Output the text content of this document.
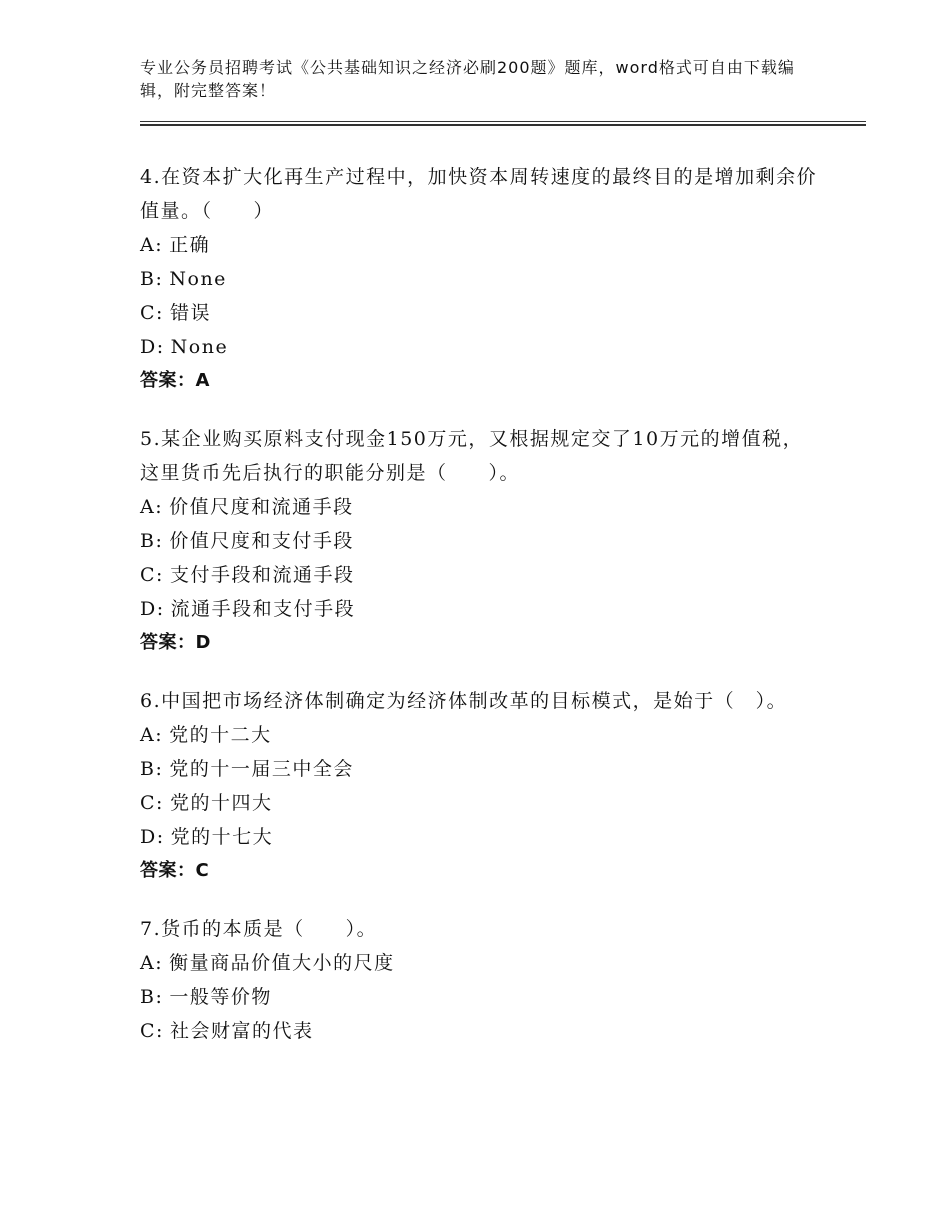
专业公务员招聘考试《公共基础知识之经济必刷200题》题库，word格式可自由下载编辑，附完整答案！

4.在资本扩大化再生产过程中，加快资本周转速度的最终目的是增加剩余价值量。（　　）

A: 正确
B: None
C: 错误
D: None
答案：A

5.某企业购买原料支付现金150万元，又根据规定交了10万元的增值税，这里货币先后执行的职能分别是（　　）。

A: 价值尺度和流通手段
B: 价值尺度和支付手段
C: 支付手段和流通手段
D: 流通手段和支付手段
答案：D

6.中国把市场经济体制确定为经济体制改革的目标模式，是始于（　）。

A: 党的十二大
B: 党的十一届三中全会
C: 党的十四大
D: 党的十七大
答案：C

7.货币的本质是（　　）。

A: 衡量商品价值大小的尺度
B: 一般等价物
C: 社会财富的代表
